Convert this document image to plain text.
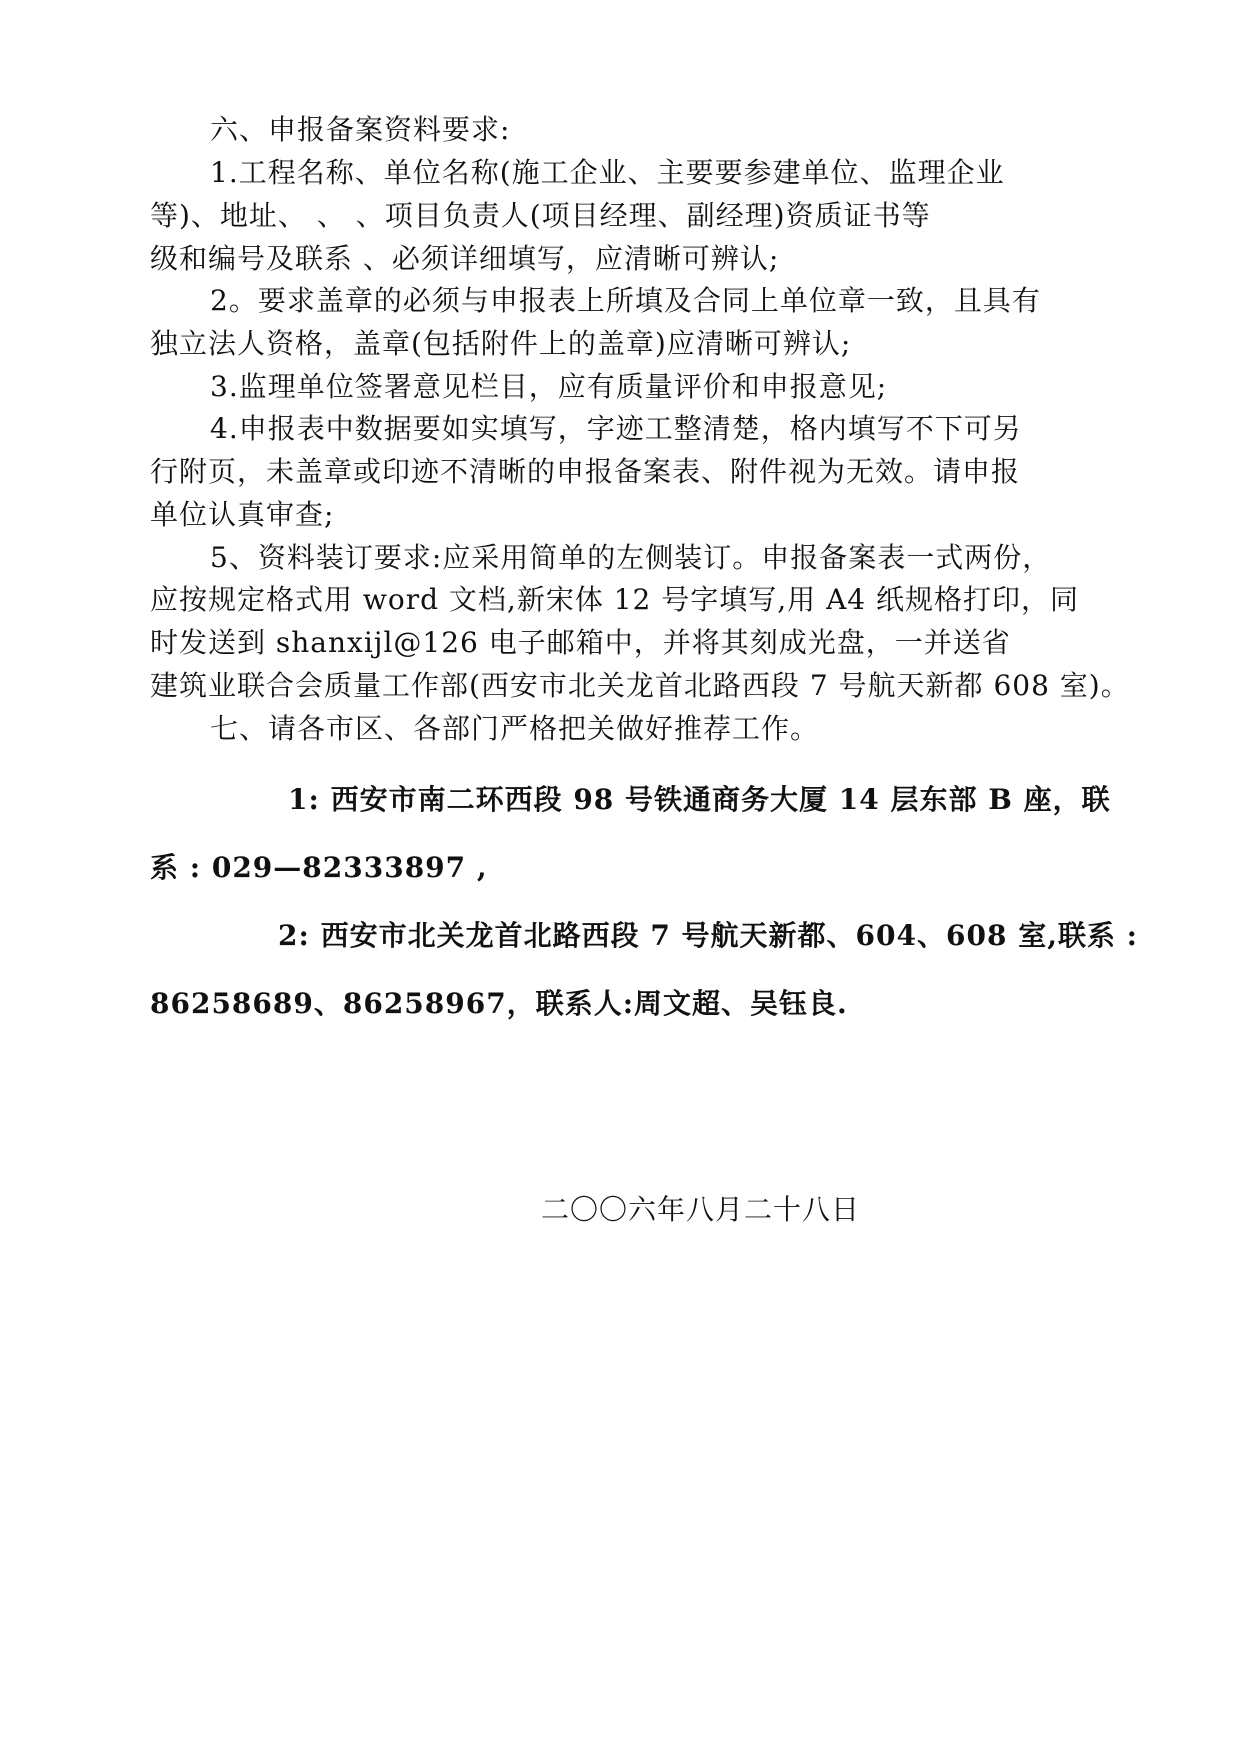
六、申报备案资料要求:
1.工程名称、单位名称(施工企业、主要要参建单位、监理企业
等)、地址、 、 、项目负责人(项目经理、副经理)资质证书等
级和编号及联系 、必须详细填写，应清晰可辨认;
2。要求盖章的必须与申报表上所填及合同上单位章一致，且具有
独立法人资格，盖章(包括附件上的盖章)应清晰可辨认;
3.监理单位签署意见栏目，应有质量评价和申报意见;
4.申报表中数据要如实填写，字迹工整清楚，格内填写不下可另
行附页，未盖章或印迹不清晰的申报备案表、附件视为无效。请申报
单位认真审查;
5、资料装订要求:应采用简单的左侧装订。申报备案表一式两份，
应按规定格式用 word 文档,新宋体 12 号字填写,用 A4 纸规格打印，同
时发送到 shanxijl@126 电子邮箱中，并将其刻成光盘，一并送省
建筑业联合会质量工作部(西安市北关龙首北路西段 7 号航天新都 608 室)。
七、请各市区、各部门严格把关做好推荐工作。
1: 西安市南二环西段 98 号铁通商务大厦 14 层东部 B 座，联
系 : 029—82333897 ,
2: 西安市北关龙首北路西段 7 号航天新都、604、608 室,联系 :
86258689、86258967，联系人:周文超、吴钰良.
二〇〇六年八月二十八日
